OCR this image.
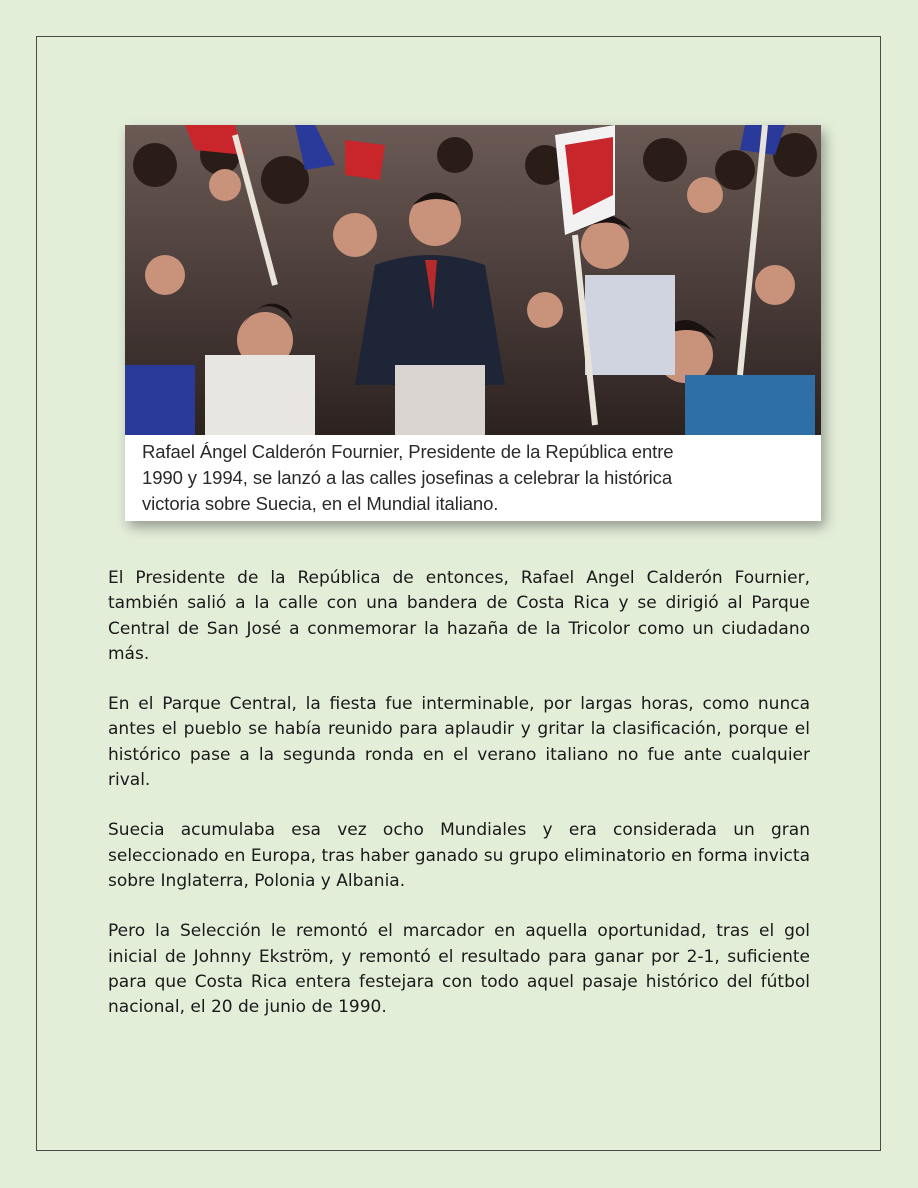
Rafael Ángel Calderón Fournier, Presidente de la República entre
1990 y 1994, se lanzó a las calles josefinas a celebrar la histórica
victoria sobre Suecia, en el Mundial italiano.

El Presidente de la República de entonces, Rafael Angel Calderón Fournier, también salió a la calle con una bandera de Costa Rica y se dirigió al Parque Central de San José a conmemorar la hazaña de la Tricolor como un ciudadano más.

En el Parque Central, la fiesta fue interminable, por largas horas, como nunca antes el pueblo se había reunido para aplaudir y gritar la clasificación, porque el histórico pase a la segunda ronda en el verano italiano no fue ante cualquier rival.

Suecia acumulaba esa vez ocho Mundiales y era considerada un gran seleccionado en Europa, tras haber ganado su grupo eliminatorio en forma invicta sobre Inglaterra, Polonia y Albania.

Pero la Selección le remontó el marcador en aquella oportunidad, tras el gol inicial de Johnny Ekström, y remontó el resultado para ganar por 2-1, suficiente para que Costa Rica entera festejara con todo aquel pasaje histórico del fútbol nacional, el 20 de junio de 1990.
